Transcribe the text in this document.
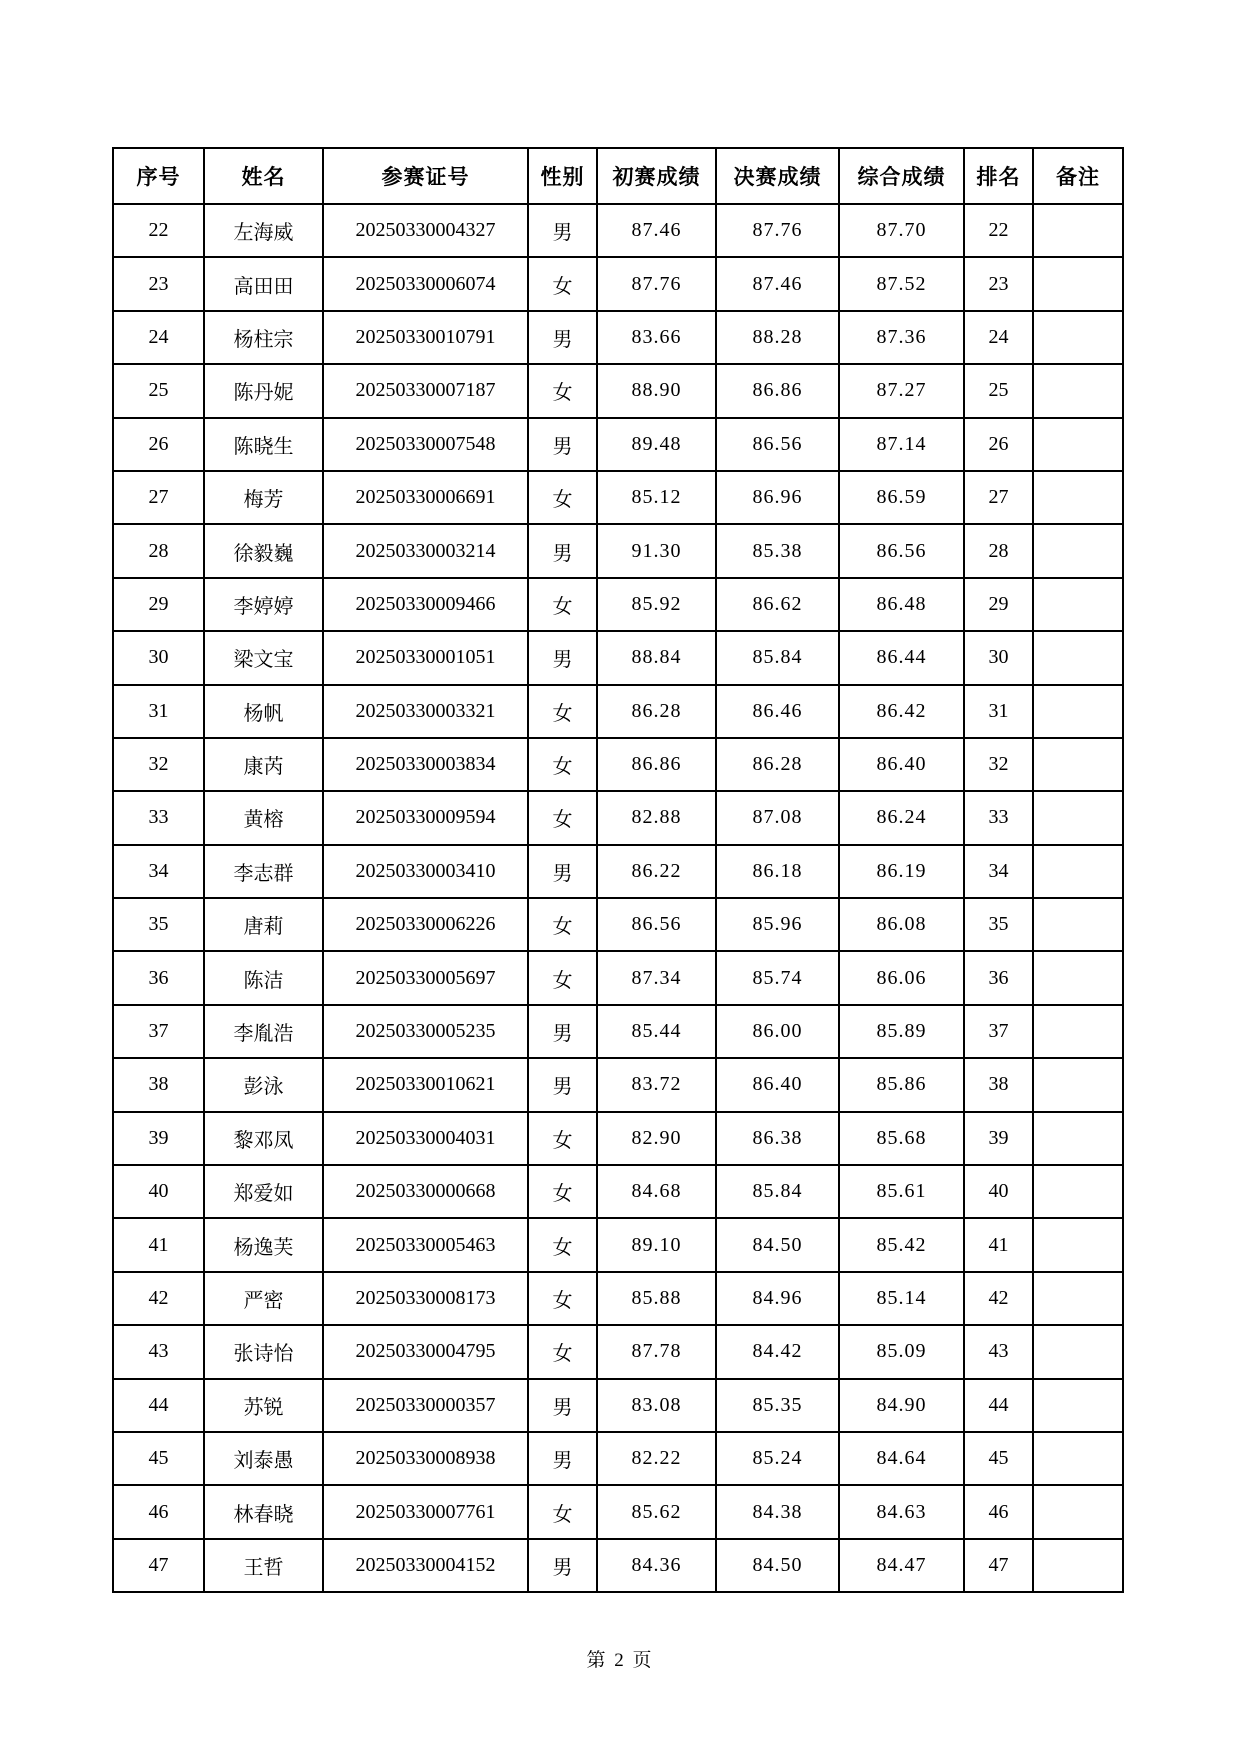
序号	姓名	参赛证号	性别	初赛成绩	决赛成绩	综合成绩	排名	备注
22	左海威	20250330004327	男	87.46	87.76	87.70	22	
23	高田田	20250330006074	女	87.76	87.46	87.52	23	
24	杨柱宗	20250330010791	男	83.66	88.28	87.36	24	
25	陈丹妮	20250330007187	女	88.90	86.86	87.27	25	
26	陈晓生	20250330007548	男	89.48	86.56	87.14	26	
27	梅芳	20250330006691	女	85.12	86.96	86.59	27	
28	徐毅巍	20250330003214	男	91.30	85.38	86.56	28	
29	李婷婷	20250330009466	女	85.92	86.62	86.48	29	
30	梁文宝	20250330001051	男	88.84	85.84	86.44	30	
31	杨帆	20250330003321	女	86.28	86.46	86.42	31	
32	康芮	20250330003834	女	86.86	86.28	86.40	32	
33	黄榕	20250330009594	女	82.88	87.08	86.24	33	
34	李志群	20250330003410	男	86.22	86.18	86.19	34	
35	唐莉	20250330006226	女	86.56	85.96	86.08	35	
36	陈洁	20250330005697	女	87.34	85.74	86.06	36	
37	李胤浩	20250330005235	男	85.44	86.00	85.89	37	
38	彭泳	20250330010621	男	83.72	86.40	85.86	38	
39	黎邓凤	20250330004031	女	82.90	86.38	85.68	39	
40	郑爱如	20250330000668	女	84.68	85.84	85.61	40	
41	杨逸芙	20250330005463	女	89.10	84.50	85.42	41	
42	严密	20250330008173	女	85.88	84.96	85.14	42	
43	张诗怡	20250330004795	女	87.78	84.42	85.09	43	
44	苏锐	20250330000357	男	83.08	85.35	84.90	44	
45	刘泰愚	20250330008938	男	82.22	85.24	84.64	45	
46	林春晓	20250330007761	女	85.62	84.38	84.63	46	
47	王哲	20250330004152	男	84.36	84.50	84.47	47	
第 2 页
